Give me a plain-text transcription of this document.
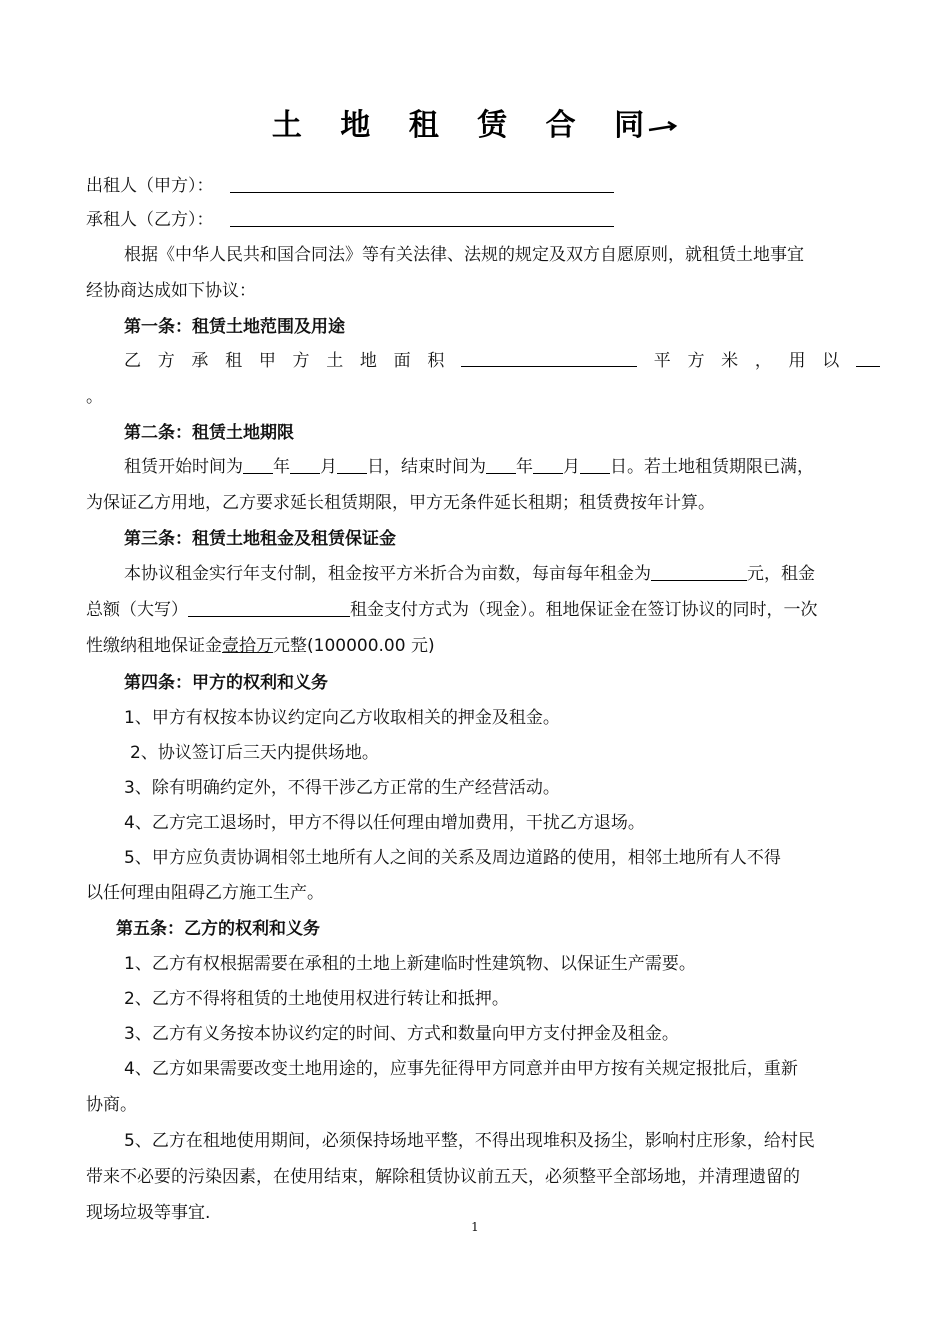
土 地 租 赁 合 同
出租人（甲方）：
承租人（乙方）：
根据《中华人民共和国合同法》等有关法律、法规的规定及双方自愿原则，就租赁土地事宜
经协商达成如下协议：
第一条：租赁土地范围及用途
乙 方 承 租 甲 方 土 地 面 积	平 方 米 ， 用 以
。
第二条：租赁土地期限
租赁开始时间为 年 月 日，结束时间为 年 月 日。若土地租赁期限已满，
为保证乙方用地，乙方要求延长租赁期限，甲方无条件延长租期；租赁费按年计算。
第三条：租赁土地租金及租赁保证金
本协议租金实行年支付制，租金按平方米折合为亩数，每亩每年租金为	元，租金
总额（大写）	租金支付方式为（现金）。租地保证金在签订协议的同时，一次
性缴纳租地保证金壹拾万元整(100000.00 元)
第四条：甲方的权利和义务
1、甲方有权按本协议约定向乙方收取相关的押金及租金。
2、协议签订后三天内提供场地。
3、除有明确约定外，不得干涉乙方正常的生产经营活动。
4、乙方完工退场时，甲方不得以任何理由增加费用，干扰乙方退场。
5、甲方应负责协调相邻土地所有人之间的关系及周边道路的使用，相邻土地所有人不得
以任何理由阻碍乙方施工生产。
第五条：乙方的权利和义务
1、乙方有权根据需要在承租的土地上新建临时性建筑物、以保证生产需要。
2、乙方不得将租赁的土地使用权进行转让和抵押。
3、乙方有义务按本协议约定的时间、方式和数量向甲方支付押金及租金。
4、乙方如果需要改变土地用途的，应事先征得甲方同意并由甲方按有关规定报批后，重新
协商。
5、乙方在租地使用期间，必须保持场地平整，不得出现堆积及扬尘，影响村庄形象，给村民
带来不必要的污染因素，在使用结束，解除租赁协议前五天，必须整平全部场地，并清理遗留的
现场垃圾等事宜.
1
